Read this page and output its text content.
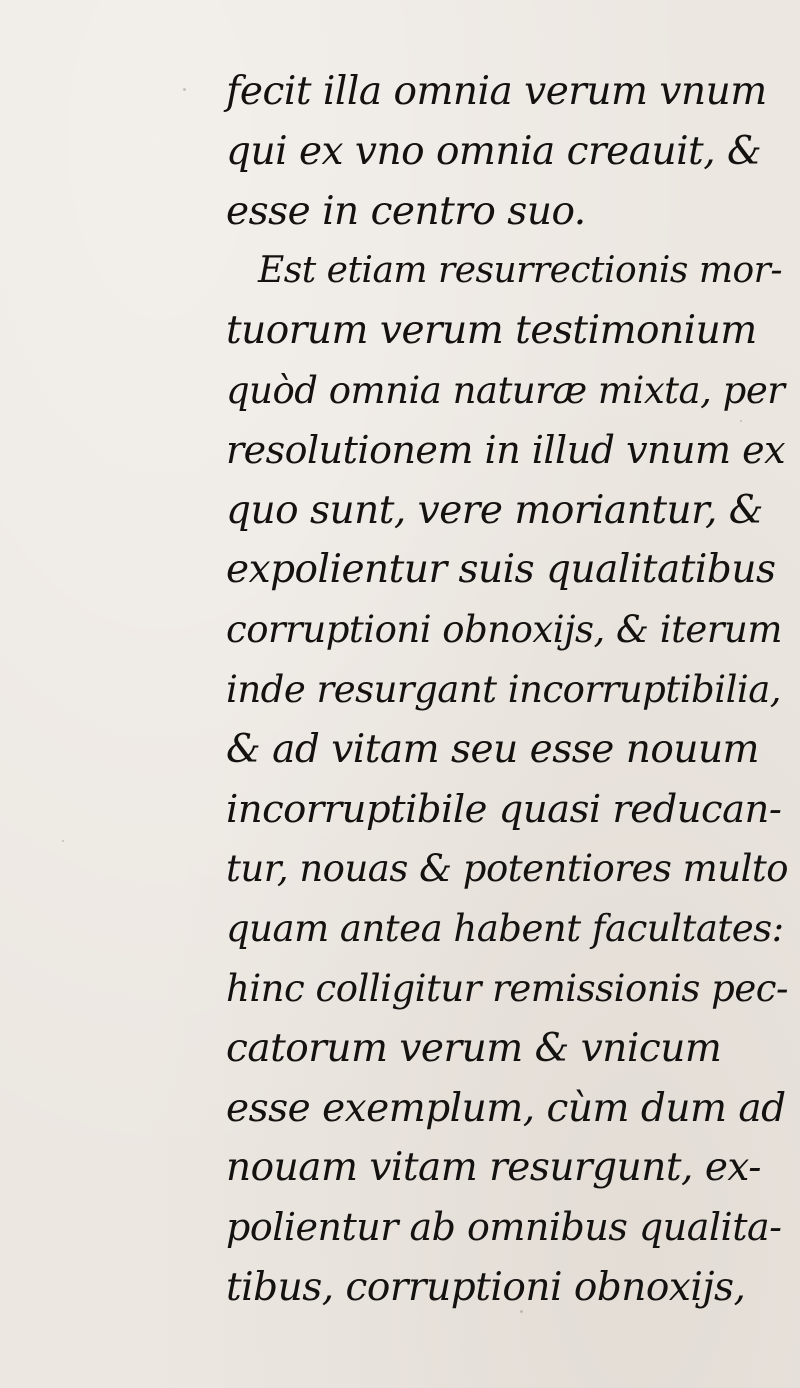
fecit illa omnia verum vnum
qui ex vno omnia creauit, &
esse in centro suo.
Est etiam resurrectionis mor-
tuorum verum testimonium
quòd omnia naturæ mixta, per
resolutionem in illud vnum ex
quo sunt, vere moriantur, &
expolientur suis qualitatibus
corruptioni obnoxijs, & iterum
inde resurgant incorruptibilia,
& ad vitam seu esse nouum
incorruptibile quasi reducan-
tur, nouas & potentiores multo
quam antea habent facultates:
hinc colligitur remissionis pec-
catorum verum & vnicum
esse exemplum, cùm dum ad
nouam vitam resurgunt, ex-
polientur ab omnibus qualita-
tibus, corruptioni obnoxijs,
